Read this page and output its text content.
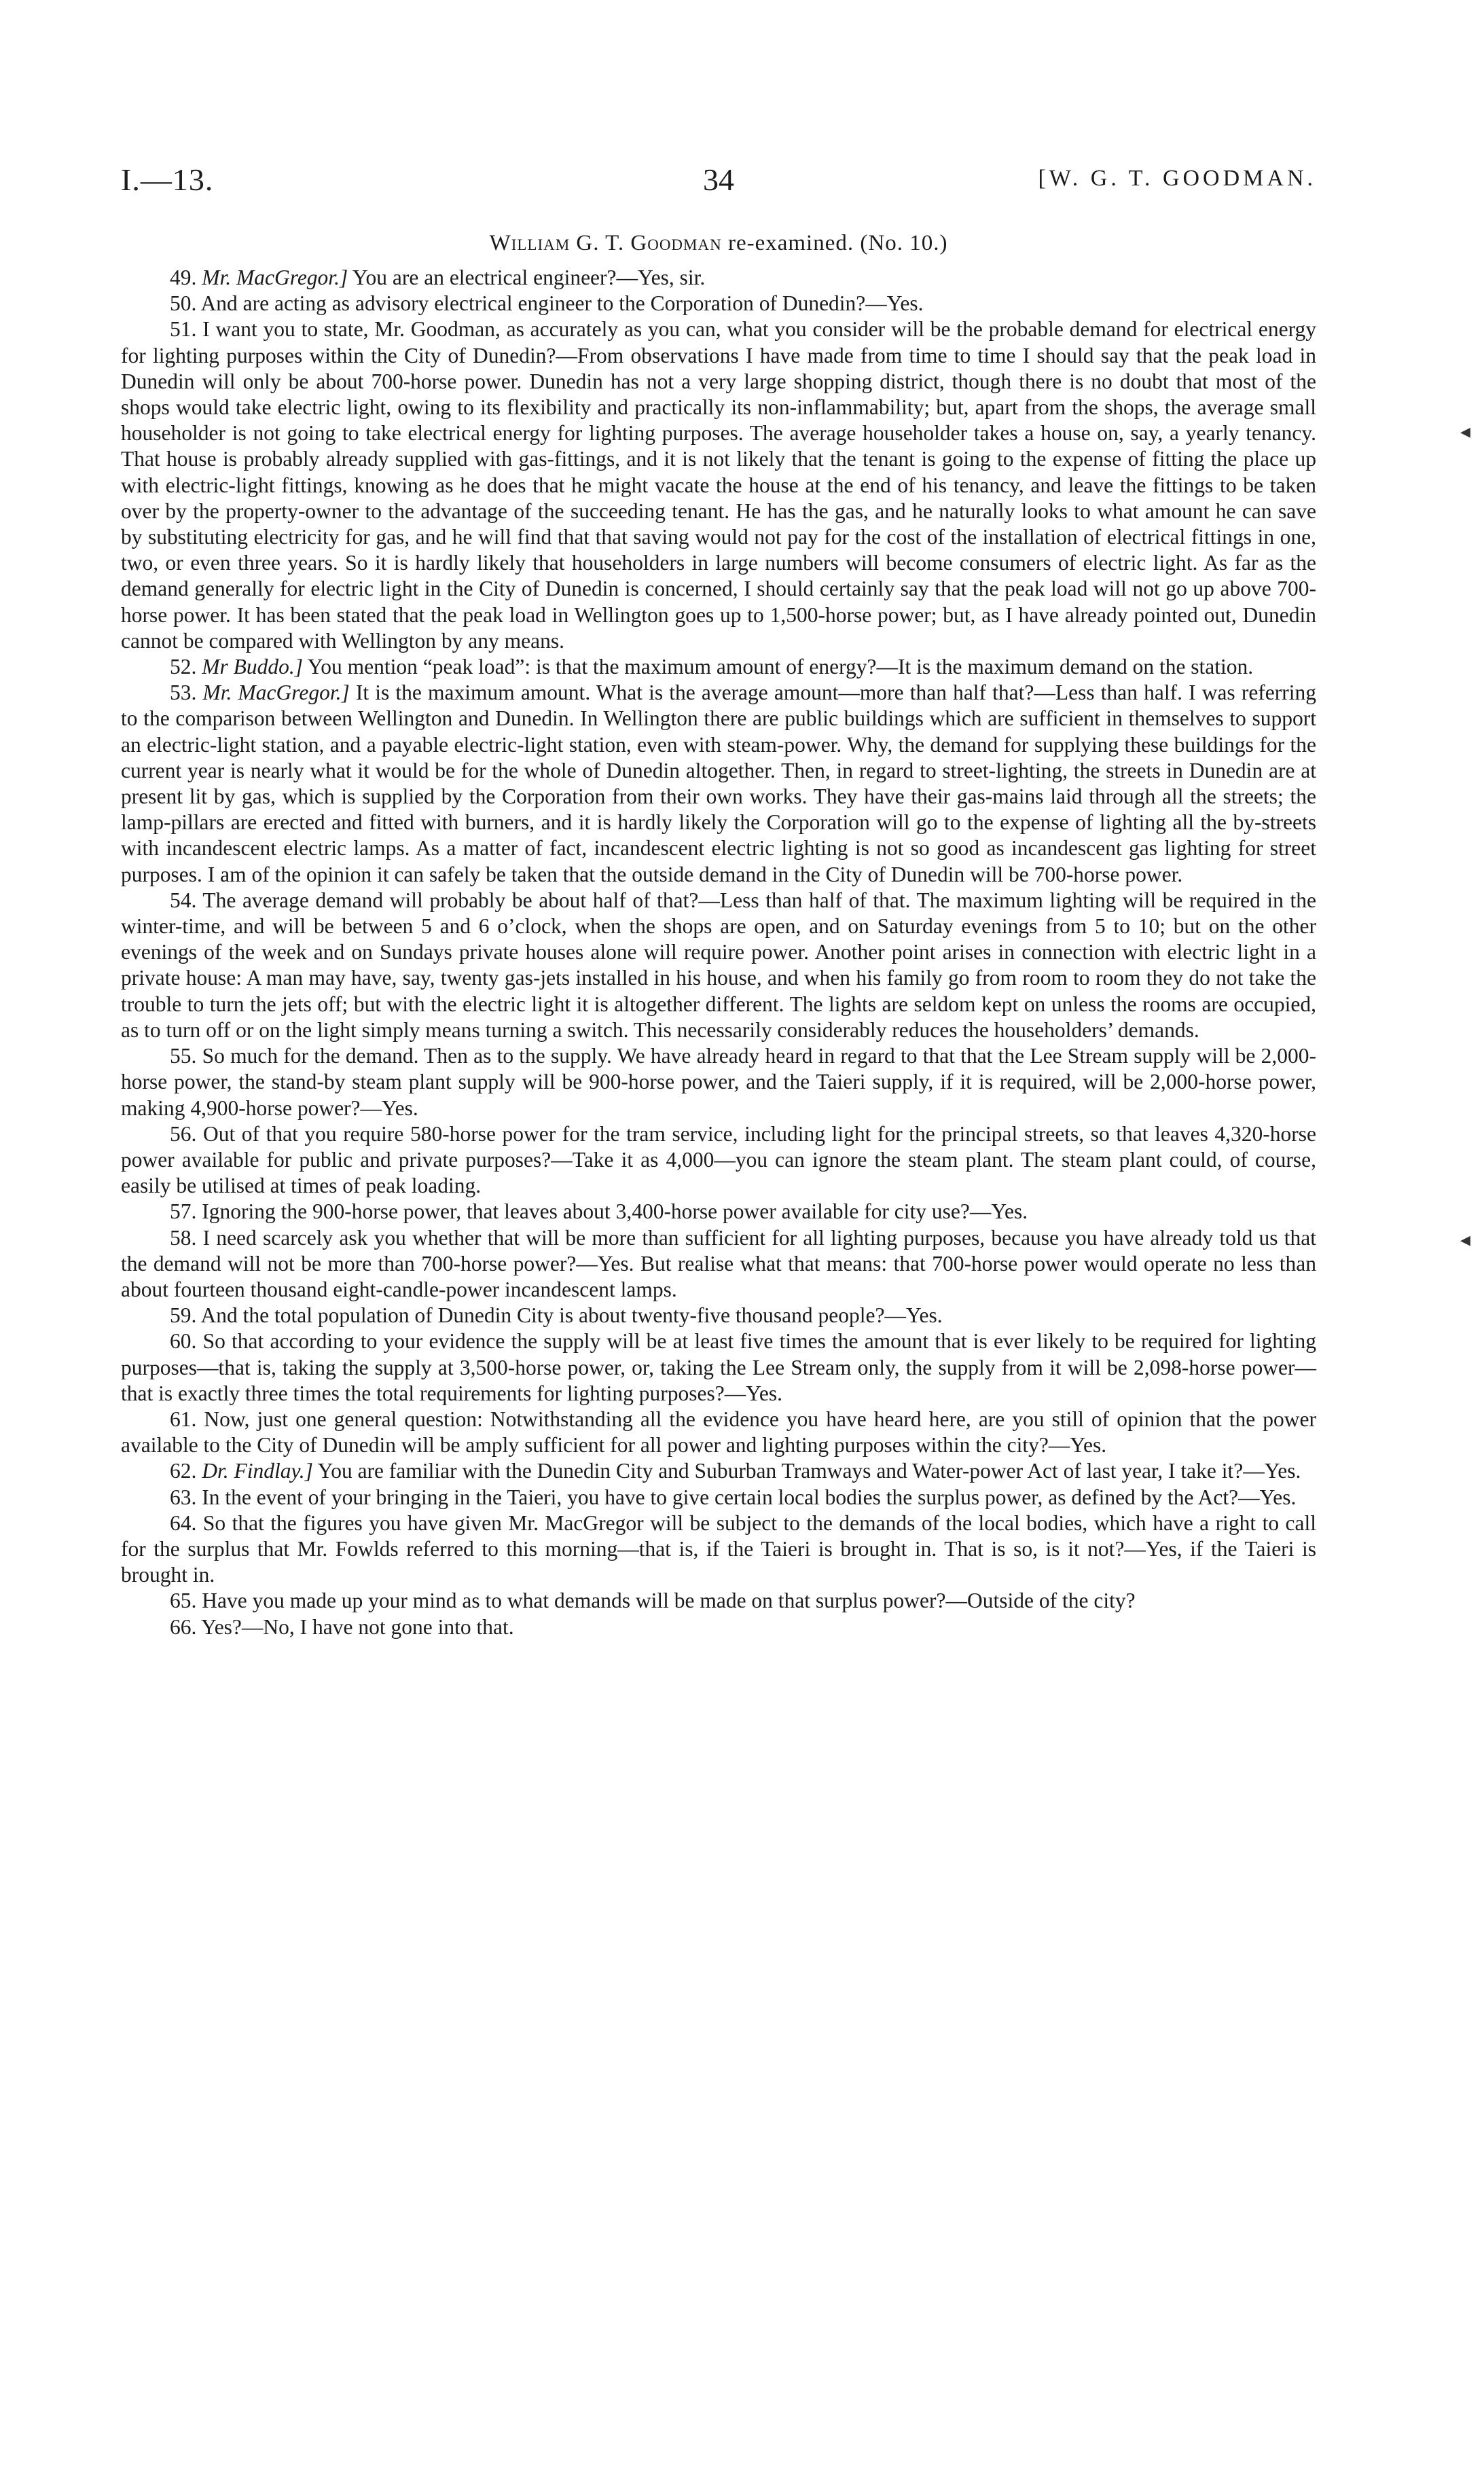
I.—13.	34	[W. G. T. GOODMAN.
William G. T. Goodman re-examined. (No. 10.)

49. Mr. MacGregor.] You are an electrical engineer?—Yes, sir.

50. And are acting as advisory electrical engineer to the Corporation of Dunedin?—Yes.

51. I want you to state, Mr. Goodman, as accurately as you can, what you consider will be the probable demand for electrical energy for lighting purposes within the City of Dunedin?—From observations I have made from time to time I should say that the peak load in Dunedin will only be about 700-horse power. Dunedin has not a very large shopping district, though there is no doubt that most of the shops would take electric light, owing to its flexibility and practically its non-inflammability; but, apart from the shops, the average small householder is not going to take electrical energy for lighting purposes. The average householder takes a house on, say, a yearly tenancy. That house is probably already supplied with gas-fittings, and it is not likely that the tenant is going to the expense of fitting the place up with electric-light fittings, knowing as he does that he might vacate the house at the end of his tenancy, and leave the fittings to be taken over by the property-owner to the advantage of the succeeding tenant. He has the gas, and he naturally looks to what amount he can save by substituting electricity for gas, and he will find that that saving would not pay for the cost of the installation of electrical fittings in one, two, or even three years. So it is hardly likely that householders in large numbers will become consumers of electric light. As far as the demand generally for electric light in the City of Dunedin is concerned, I should certainly say that the peak load will not go up above 700-horse power. It has been stated that the peak load in Wellington goes up to 1,500-horse power; but, as I have already pointed out, Dunedin cannot be compared with Wellington by any means.

52. Mr Buddo.] You mention “peak load”: is that the maximum amount of energy?—It is the maximum demand on the station.

53. Mr. MacGregor.] It is the maximum amount. What is the average amount—more than half that?—Less than half. I was referring to the comparison between Wellington and Dunedin. In Wellington there are public buildings which are sufficient in themselves to support an electric-light station, and a payable electric-light station, even with steam-power. Why, the demand for supplying these buildings for the current year is nearly what it would be for the whole of Dunedin altogether. Then, in regard to street-lighting, the streets in Dunedin are at present lit by gas, which is supplied by the Corporation from their own works. They have their gas-mains laid through all the streets; the lamp-pillars are erected and fitted with burners, and it is hardly likely the Corporation will go to the expense of lighting all the by-streets with incandescent electric lamps. As a matter of fact, incandescent electric lighting is not so good as incandescent gas lighting for street purposes. I am of the opinion it can safely be taken that the outside demand in the City of Dunedin will be 700-horse power.

54. The average demand will probably be about half of that?—Less than half of that. The maximum lighting will be required in the winter-time, and will be between 5 and 6 o’clock, when the shops are open, and on Saturday evenings from 5 to 10; but on the other evenings of the week and on Sundays private houses alone will require power. Another point arises in connection with electric light in a private house: A man may have, say, twenty gas-jets installed in his house, and when his family go from room to room they do not take the trouble to turn the jets off; but with the electric light it is altogether different. The lights are seldom kept on unless the rooms are occupied, as to turn off or on the light simply means turning a switch. This necessarily considerably reduces the householders’ demands.

55. So much for the demand. Then as to the supply. We have already heard in regard to that that the Lee Stream supply will be 2,000-horse power, the stand-by steam plant supply will be 900-horse power, and the Taieri supply, if it is required, will be 2,000-horse power, making 4,900-horse power?—Yes.

56. Out of that you require 580-horse power for the tram service, including light for the principal streets, so that leaves 4,320-horse power available for public and private purposes?—Take it as 4,000—you can ignore the steam plant. The steam plant could, of course, easily be utilised at times of peak loading.

57. Ignoring the 900-horse power, that leaves about 3,400-horse power available for city use?—Yes.

58. I need scarcely ask you whether that will be more than sufficient for all lighting purposes, because you have already told us that the demand will not be more than 700-horse power?—Yes. But realise what that means: that 700-horse power would operate no less than about fourteen thousand eight-candle-power incandescent lamps.

59. And the total population of Dunedin City is about twenty-five thousand people?—Yes.

60. So that according to your evidence the supply will be at least five times the amount that is ever likely to be required for lighting purposes—that is, taking the supply at 3,500-horse power, or, taking the Lee Stream only, the supply from it will be 2,098-horse power—that is exactly three times the total requirements for lighting purposes?—Yes.

61. Now, just one general question: Notwithstanding all the evidence you have heard here, are you still of opinion that the power available to the City of Dunedin will be amply sufficient for all power and lighting purposes within the city?—Yes.

62. Dr. Findlay.] You are familiar with the Dunedin City and Suburban Tramways and Water-power Act of last year, I take it?—Yes.

63. In the event of your bringing in the Taieri, you have to give certain local bodies the surplus power, as defined by the Act?—Yes.

64. So that the figures you have given Mr. MacGregor will be subject to the demands of the local bodies, which have a right to call for the surplus that Mr. Fowlds referred to this morning—that is, if the Taieri is brought in. That is so, is it not?—Yes, if the Taieri is brought in.

65. Have you made up your mind as to what demands will be made on that surplus power?—Outside of the city?

66. Yes?—No, I have not gone into that.

◂
◂
